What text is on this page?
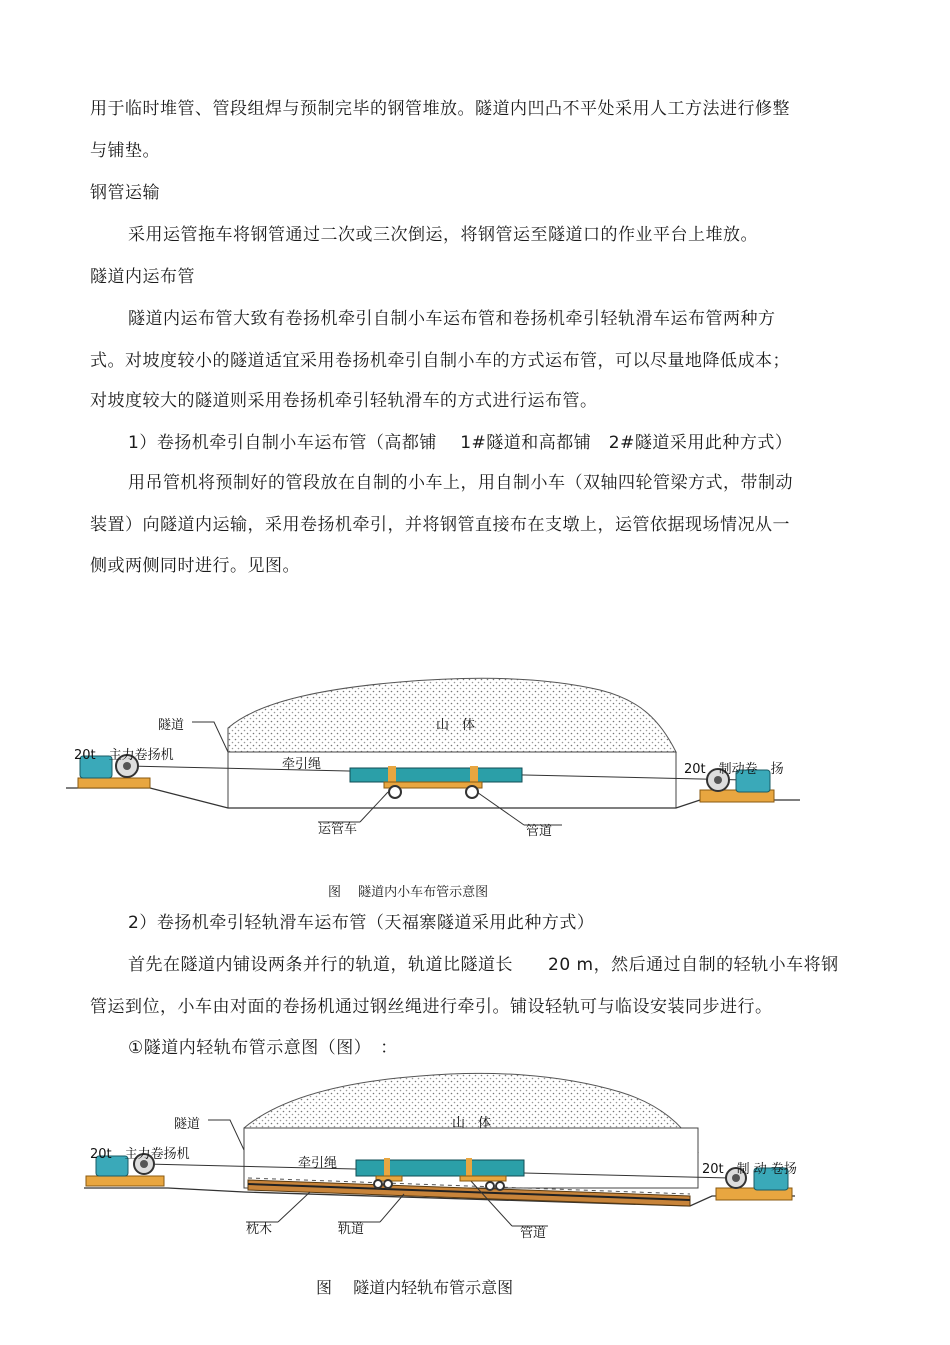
用于临时堆管、管段组焊与预制完毕的钢管堆放。隧道内凹凸不平处采用人工方法进行修整
与铺垫。
钢管运输
采用运管拖车将钢管通过二次或三次倒运，将钢管运至隧道口的作业平台上堆放。
隧道内运布管
隧道内运布管大致有卷扬机牵引自制小车运布管和卷扬机牵引轻轨滑车运布管两种方
式。对坡度较小的隧道适宜采用卷扬机牵引自制小车的方式运布管，可以尽量地降低成本；
对坡度较大的隧道则采用卷扬机牵引轻轨滑车的方式进行运布管。
1）卷扬机牵引自制小车运布管（高都铺　 1#隧道和高都铺　2#隧道采用此种方式）
用吊管机将预制好的管段放在自制的小车上，用自制小车（双轴四轮管梁方式，带制动
装置）向隧道内运输，采用卷扬机牵引，并将钢管直接布在支墩上，运管依据现场情况从一
侧或两侧同时进行。见图。
山　体
隧道
20t　主力卷扬机
牵引绳	20t　制动卷　扬
运管车	管道
图　 隧道内小车布管示意图
2）卷扬机牵引轻轨滑车运布管（天福寨隧道采用此种方式）
首先在隧道内铺设两条并行的轨道，轨道比隧道长　　20 m，然后通过自制的轻轨小车将钢
管运到位，小车由对面的卷扬机通过钢丝绳进行牵引。铺设轻轨可与临设安装同步进行。
①隧道内轻轨布管示意图（图）　：
山　体
隧道
20t　主力卷扬机
牵引绳	20t　制 动 卷扬
枕木	轨道	管道
图　 隧道内轻轨布管示意图
